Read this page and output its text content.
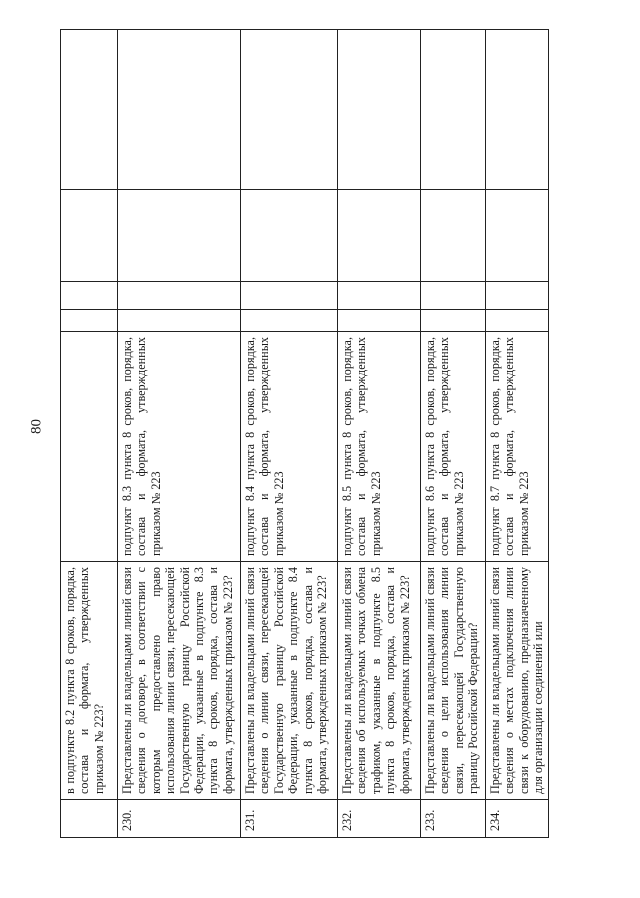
80
	в подпункте 8.2 пункта 8 сроков, порядка, состава и формата, утвержденных приказом № 223?					
230.	Представлены ли владельцами линий связи сведения о договоре, в соответствии с которым предоставлено право использования линии связи, пересекающей Государственную границу Российской Федерации, указанные в подпункте 8.3 пункта 8 сроков, порядка, состава и формата, утвержденных приказом № 223?	подпункт 8.3 пункта 8 сроков, порядка, состава и формата, утвержденных приказом № 223				
231.	Представлены ли владельцами линий связи сведения о линии связи, пересекающей Государственную границу Российской Федерации, указанные в подпункте 8.4 пункта 8 сроков, порядка, состава и формата, утвержденных приказом № 223?	подпункт 8.4 пункта 8 сроков, порядка, состава и формата, утвержденных приказом № 223				
232.	Представлены ли владельцами линий связи сведения об используемых точках обмена трафиком, указанные в подпункте 8.5 пункта 8 сроков, порядка, состава и формата, утвержденных приказом № 223?	подпункт 8.5 пункта 8 сроков, порядка, состава и формата, утвержденных приказом № 223				
233.	Представлены ли владельцами линий связи сведения о цели использования линии связи, пересекающей Государственную границу Российской Федерации?	подпункт 8.6 пункта 8 сроков, порядка, состава и формата, утвержденных приказом № 223				
234.	Представлены ли владельцами линий связи сведения о местах подключения линии связи к оборудованию, предназначенному для организации соединений или	подпункт 8.7 пункта 8 сроков, порядка, состава и формата, утвержденных приказом № 223				
